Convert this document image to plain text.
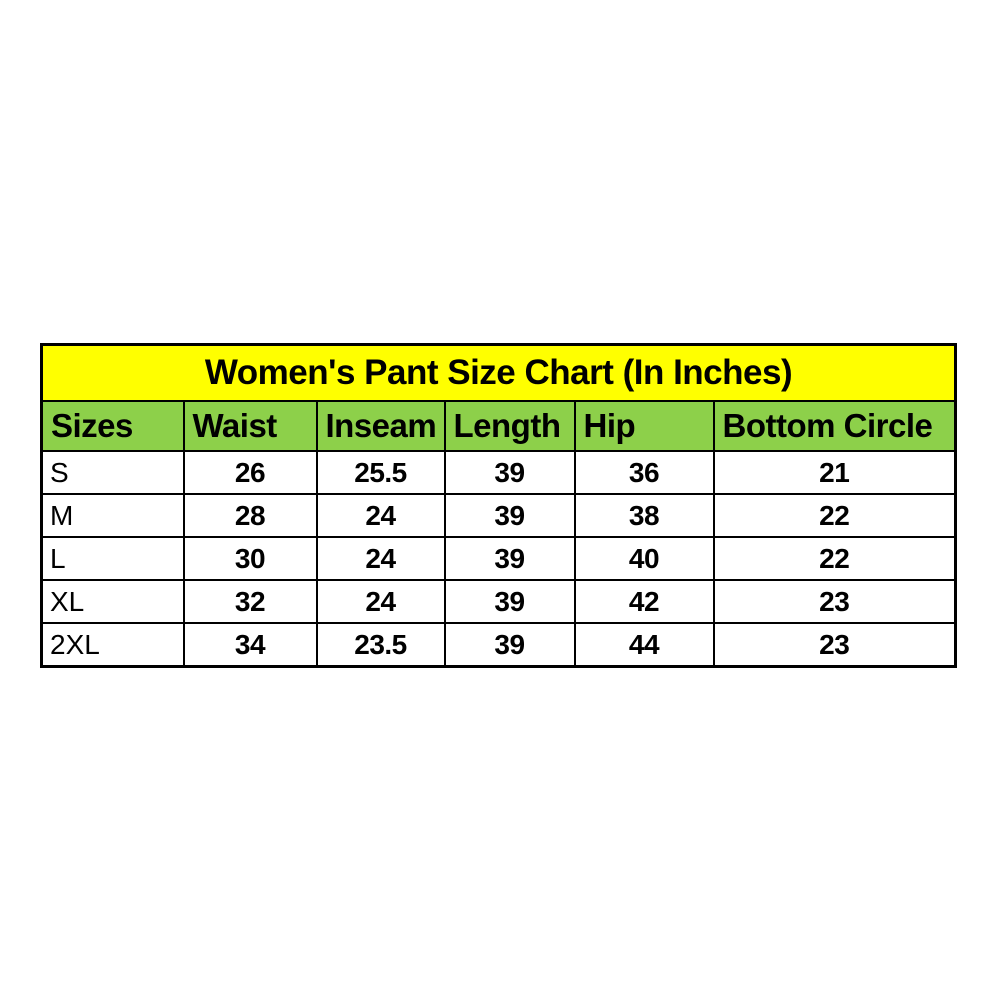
Women's Pant Size Chart (In Inches)					
Sizes	Waist	Inseam	Length	Hip	Bottom Circle
S	26	25.5	39	36	21
M	28	24	39	38	22
L	30	24	39	40	22
XL	32	24	39	42	23
2XL	34	23.5	39	44	23
